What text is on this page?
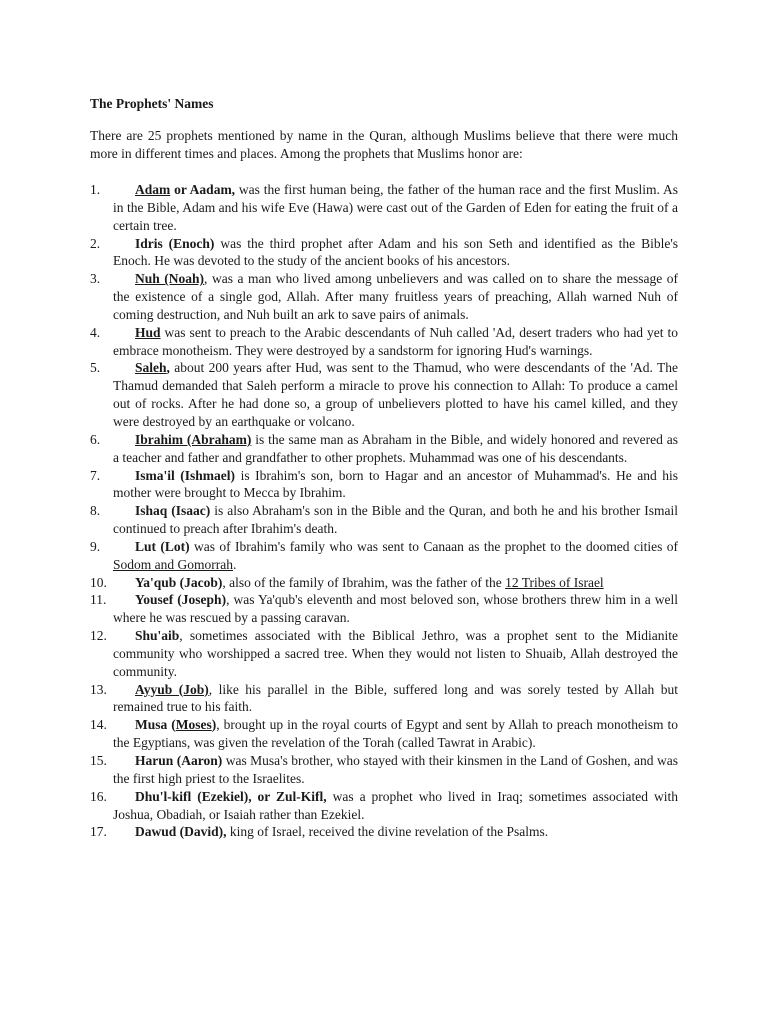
The Prophets' Names
There are 25 prophets mentioned by name in the Quran, although Muslims believe that there were much more in different times and places. Among the prophets that Muslims honor are:
1.	Adam or Aadam, was the first human being, the father of the human race and the first Muslim. As in the Bible, Adam and his wife Eve (Hawa) were cast out of the Garden of Eden for eating the fruit of a certain tree.
2.	Idris (Enoch) was the third prophet after Adam and his son Seth and identified as the Bible's Enoch. He was devoted to the study of the ancient books of his ancestors.
3.	Nuh (Noah), was a man who lived among unbelievers and was called on to share the message of the existence of a single god, Allah. After many fruitless years of preaching, Allah warned Nuh of coming destruction, and Nuh built an ark to save pairs of animals.
4.	Hud was sent to preach to the Arabic descendants of Nuh called 'Ad, desert traders who had yet to embrace monotheism. They were destroyed by a sandstorm for ignoring Hud's warnings.
5.	Saleh, about 200 years after Hud, was sent to the Thamud, who were descendants of the 'Ad. The Thamud demanded that Saleh perform a miracle to prove his connection to Allah: To produce a camel out of rocks. After he had done so, a group of unbelievers plotted to have his camel killed, and they were destroyed by an earthquake or volcano.
6.	Ibrahim (Abraham) is the same man as Abraham in the Bible, and widely honored and revered as a teacher and father and grandfather to other prophets. Muhammad was one of his descendants.
7.	Isma'il (Ishmael) is Ibrahim's son, born to Hagar and an ancestor of Muhammad's. He and his mother were brought to Mecca by Ibrahim.
8.	Ishaq (Isaac) is also Abraham's son in the Bible and the Quran, and both he and his brother Ismail continued to preach after Ibrahim's death.
9.	Lut (Lot) was of Ibrahim's family who was sent to Canaan as the prophet to the doomed cities of Sodom and Gomorrah.
10.	Ya'qub (Jacob), also of the family of Ibrahim, was the father of the 12 Tribes of Israel
11.	Yousef (Joseph), was Ya'qub's eleventh and most beloved son, whose brothers threw him in a well where he was rescued by a passing caravan.
12.	Shu'aib, sometimes associated with the Biblical Jethro, was a prophet sent to the Midianite community who worshipped a sacred tree. When they would not listen to Shuaib, Allah destroyed the community.
13.	Ayyub (Job), like his parallel in the Bible, suffered long and was sorely tested by Allah but remained true to his faith.
14.	Musa (Moses), brought up in the royal courts of Egypt and sent by Allah to preach monotheism to the Egyptians, was given the revelation of the Torah (called Tawrat in Arabic).
15.	Harun (Aaron) was Musa's brother, who stayed with their kinsmen in the Land of Goshen, and was the first high priest to the Israelites.
16.	Dhu'l-kifl (Ezekiel), or Zul-Kifl, was a prophet who lived in Iraq; sometimes associated with Joshua, Obadiah, or Isaiah rather than Ezekiel.
17.	Dawud (David), king of Israel, received the divine revelation of the Psalms.
